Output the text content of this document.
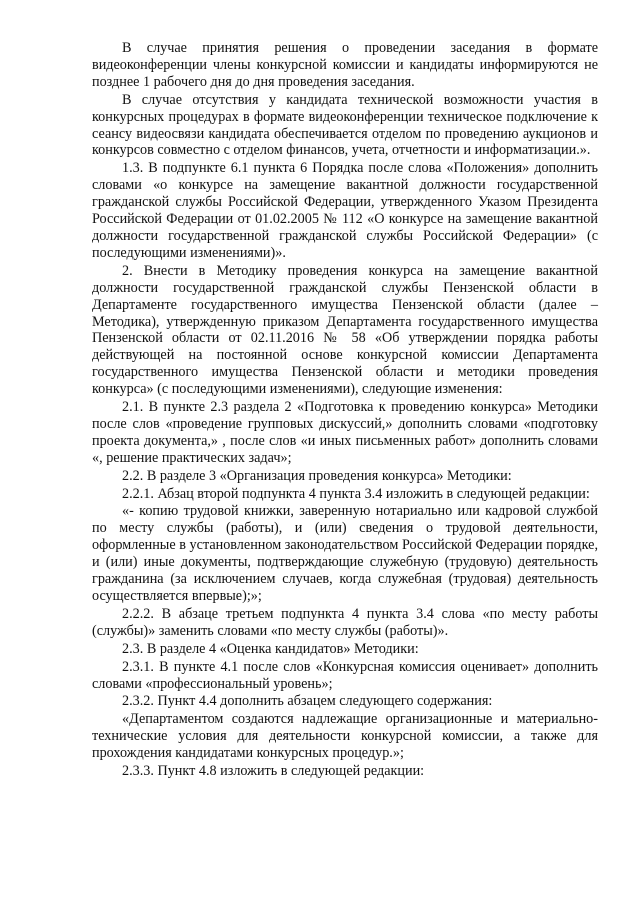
В случае принятия решения о проведении заседания в формате видеоконференции члены конкурсной комиссии и кандидаты информируются не позднее 1 рабочего дня до дня проведения заседания.

В случае отсутствия у кандидата технической возможности участия в конкурсных процедурах в формате видеоконференции техническое подключение к сеансу видеосвязи кандидата обеспечивается отделом по проведению аукционов и конкурсов совместно с отделом финансов, учета, отчетности и информатизации.».

1.3. В подпункте 6.1 пункта 6 Порядка после слова «Положения» дополнить словами «о конкурсе на замещение вакантной должности государственной гражданской службы Российской Федерации, утвержденного Указом Президента Российской Федерации от 01.02.2005 № 112 «О конкурсе на замещение вакантной должности государственной гражданской службы Российской Федерации» (с последующими изменениями)».

2. Внести в Методику проведения конкурса на замещение вакантной должности государственной гражданской службы Пензенской области в Департаменте государственного имущества Пензенской области (далее – Методика), утвержденную приказом Департамента государственного имущества Пензенской области от 02.11.2016 № 58 «Об утверждении порядка работы действующей на постоянной основе конкурсной комиссии Департамента государственного имущества Пензенской области и методики проведения конкурса» (с последующими изменениями), следующие изменения:

2.1. В пункте 2.3 раздела 2 «Подготовка к проведению конкурса» Методики после слов «проведение групповых дискуссий,» дополнить словами «подготовку проекта документа,» , после слов «и иных письменных работ» дополнить словами «, решение практических задач»;

2.2. В разделе 3 «Организация проведения конкурса» Методики:

2.2.1. Абзац второй подпункта 4 пункта 3.4 изложить в следующей редакции:

«- копию трудовой книжки, заверенную нотариально или кадровой службой по месту службы (работы), и (или) сведения о трудовой деятельности, оформленные в установленном законодательством Российской Федерации порядке, и (или) иные документы, подтверждающие служебную (трудовую) деятельность гражданина (за исключением случаев, когда служебная (трудовая) деятельность осуществляется впервые);»;

2.2.2. В абзаце третьем подпункта 4 пункта 3.4 слова «по месту работы (службы)» заменить словами «по месту службы (работы)».

2.3. В разделе 4 «Оценка кандидатов» Методики:

2.3.1. В пункте 4.1 после слов «Конкурсная комиссия оценивает» дополнить словами «профессиональный уровень»;

2.3.2. Пункт 4.4 дополнить абзацем следующего содержания:

«Департаментом создаются надлежащие организационные и материально-технические условия для деятельности конкурсной комиссии, а также для прохождения кандидатами конкурсных процедур.»;

2.3.3. Пункт 4.8 изложить в следующей редакции:
